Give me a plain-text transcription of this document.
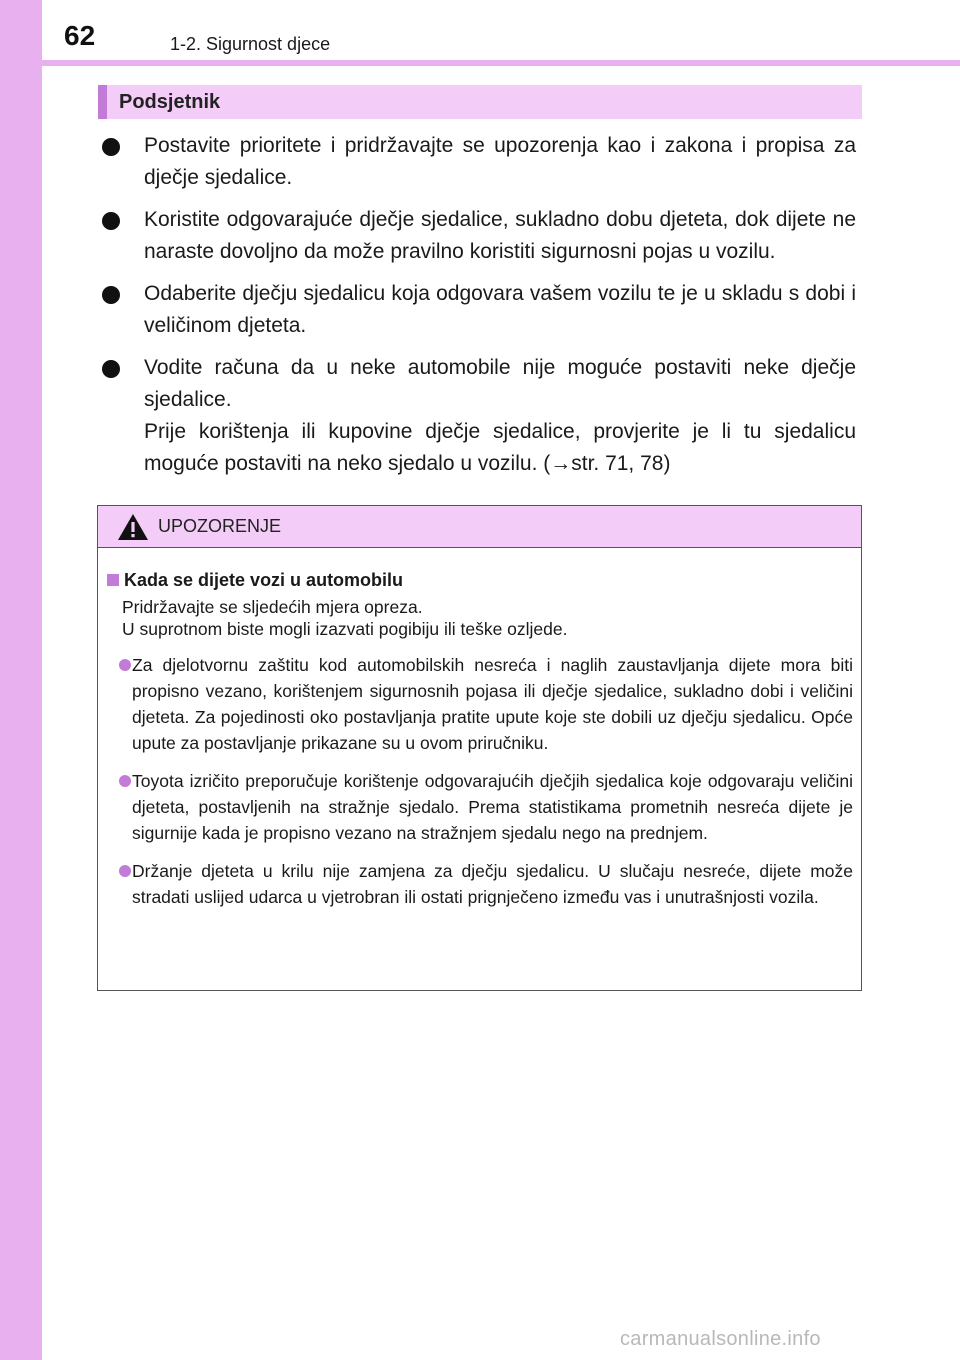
62	1-2. Sigurnost djece
Podsjetnik

Postavite prioritete i pridržavajte se upozorenja kao i zakona i propisa za dječje sjedalice.

Koristite odgovarajuće dječje sjedalice, sukladno dobu djeteta, dok dijete ne naraste dovoljno da može pravilno koristiti sigurnosni pojas u vozilu.

Odaberite dječju sjedalicu koja odgovara vašem vozilu te je u skladu s dobi i veličinom djeteta.

Vodite računa da u neke automobile nije moguće postaviti neke dječje sjedalice.

Prije korištenja ili kupovine dječje sjedalice, provjerite je li tu sjedalicu moguće postaviti na neko sjedalo u vozilu. (→str. 71, 78)

UPOZORENJE
Kada se dijete vozi u automobilu
Pridržavajte se sljedećih mjera opreza.
U suprotnom biste mogli izazvati pogibiju ili teške ozljede.

Za djelotvornu zaštitu kod automobilskih nesreća i naglih zaustavljanja dijete mora biti propisno vezano, korištenjem sigurnosnih pojasa ili dječje sjedalice, sukladno dobi i veličini djeteta. Za pojedinosti oko postavljanja pratite upute koje ste dobili uz dječju sjedalicu. Opće upute za postavljanje prikazane su u ovom priručniku.

Toyota izričito preporučuje korištenje odgovarajućih dječjih sjedalica koje odgovaraju veličini djeteta, postavljenih na stražnje sjedalo. Prema statistikama prometnih nesreća dijete je sigurnije kada je propisno vezano na stražnjem sjedalu nego na prednjem.

Držanje djeteta u krilu nije zamjena za dječju sjedalicu. U slučaju nesreće, dijete može stradati uslijed udarca u vjetrobran ili ostati prignječeno između vas i unutrašnjosti vozila.

carmanualsonline.info
